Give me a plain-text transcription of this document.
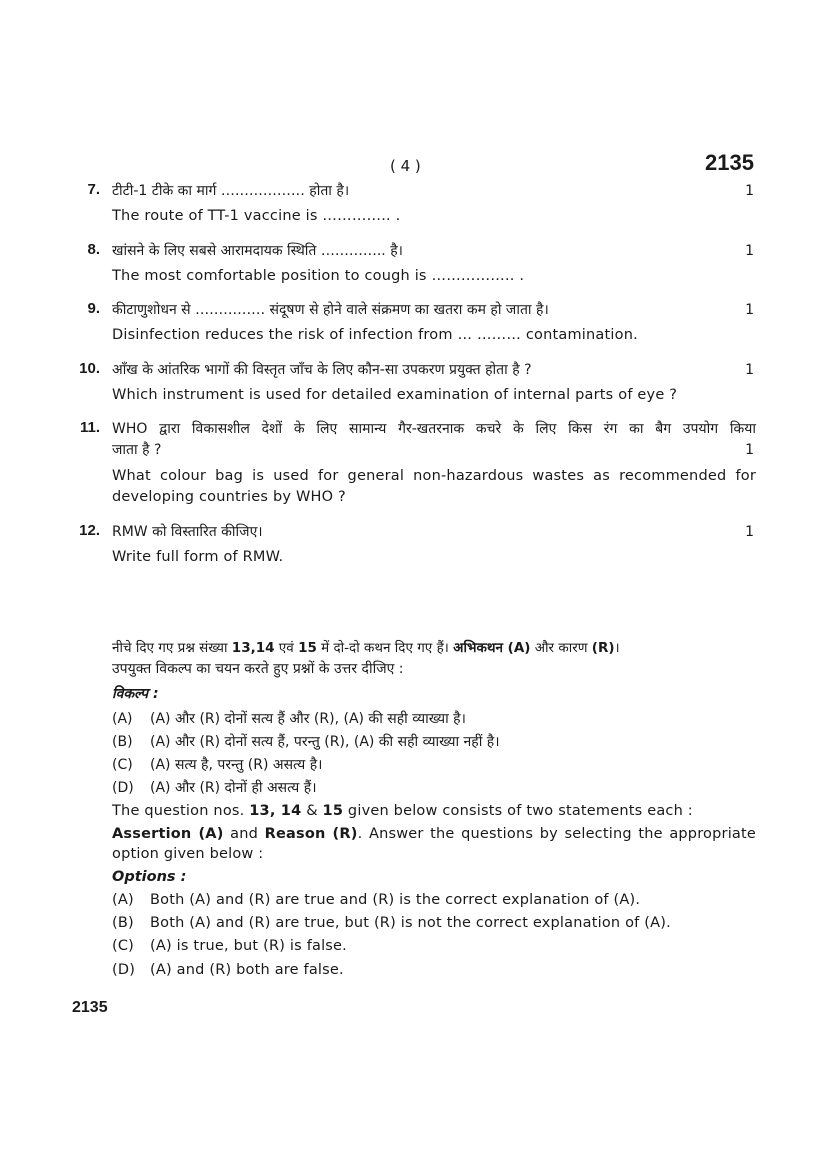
( 4 )	2135
7. टीटी-1 टीके का मार्ग ……………… होता है।	1
The route of TT-1 vaccine is ………….. .
8. खांसने के लिए सबसे आरामदायक स्थिति ………….. है।	1
The most comfortable position to cough is …………….. .
9. कीटाणुशोधन से …………… संदूषण से होने वाले संक्रमण का खतरा कम हो जाता है।	1
Disinfection reduces the risk of infection from … ……… contamination.
10. आँख के आंतरिक भागों की विस्तृत जाँच के लिए कौन-सा उपकरण प्रयुक्त होता है ?	1
Which instrument is used for detailed examination of internal parts of eye ?
11. WHO द्वारा विकासशील देशों के लिए सामान्य गैर-खतरनाक कचरे के लिए किस रंग का बैग उपयोग किया
जाता है ?	1
What colour bag is used for general non-hazardous wastes as recommended for developing countries by WHO ?
12. RMW को विस्तारित कीजिए।	1
Write full form of RMW.
नीचे दिए गए प्रश्न संख्या 13,14 एवं 15 में दो-दो कथन दिए गए हैं। अभिकथन (A) और कारण (R)।
उपयुक्त विकल्प का चयन करते हुए प्रश्नों के उत्तर दीजिए :
विकल्प :
(A) (A) और (R) दोनों सत्य हैं और (R), (A) की सही व्याख्या है।
(B) (A) और (R) दोनों सत्य हैं, परन्तु (R), (A) की सही व्याख्या नहीं है।
(C) (A) सत्य है, परन्तु (R) असत्य है।
(D) (A) और (R) दोनों ही असत्य हैं।
The question nos. 13, 14 & 15 given below consists of two statements each :
Assertion (A) and Reason (R). Answer the questions by selecting the appropriate option given below :
Options :
(A) Both (A) and (R) are true and (R) is the correct explanation of (A).
(B) Both (A) and (R) are true, but (R) is not the correct explanation of (A).
(C) (A) is true, but (R) is false.
(D) (A) and (R) both are false.
2135
